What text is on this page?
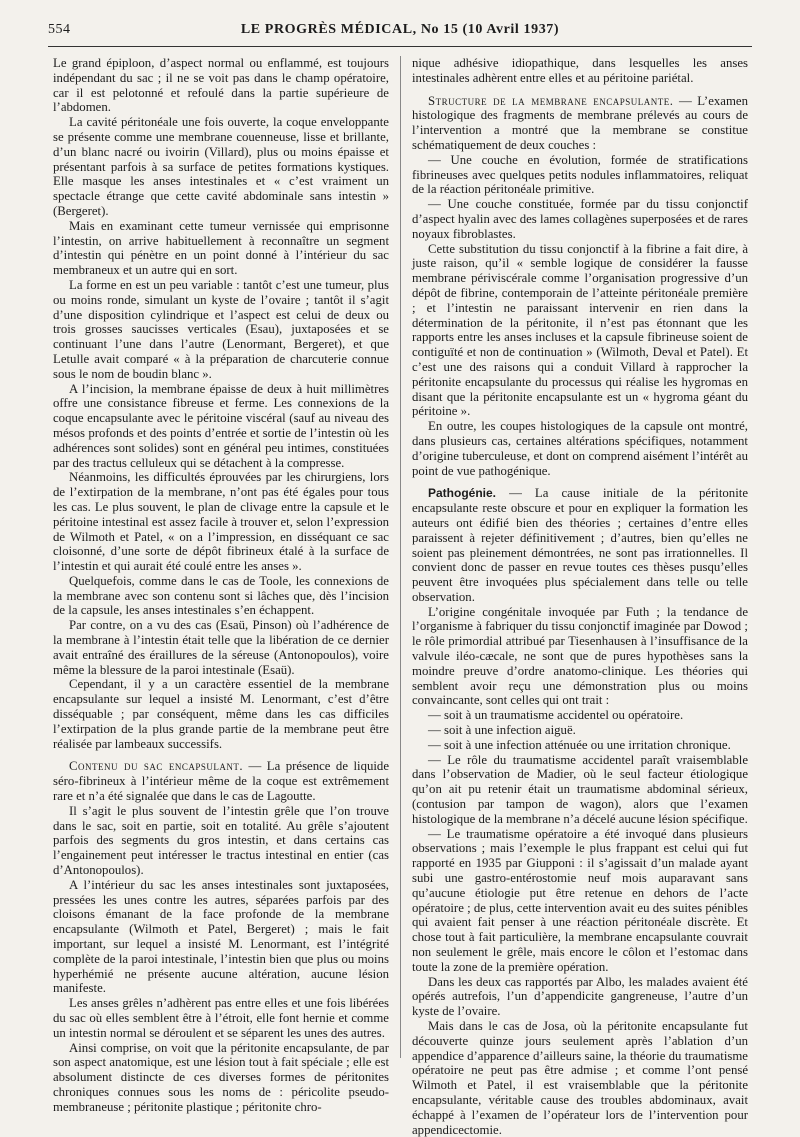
554	LE PROGRÈS MÉDICAL, No 15 (10 Avril 1937)

Le grand épiploon, d’aspect normal ou enflammé, est toujours indépendant du sac ; il ne se voit pas dans le champ opératoire, car il est pelotonné et refoulé dans la partie supérieure de l’abdomen.

La cavité péritonéale une fois ouverte, la coque enveloppante se présente comme une membrane couenneuse, lisse et brillante, d’un blanc nacré ou ivoirin (Villard), plus ou moins épaisse et présentant parfois à sa surface de petites formations kystiques. Elle masque les anses intestinales et « c’est vraiment un spectacle étrange que cette cavité abdominale sans intestin » (Bergeret).

Mais en examinant cette tumeur vernissée qui emprisonne l’intestin, on arrive habituellement à reconnaître un segment d’intestin qui pénètre en un point donné à l’intérieur du sac membraneux et un autre qui en sort.

La forme en est un peu variable : tantôt c’est une tumeur, plus ou moins ronde, simulant un kyste de l’ovaire ; tantôt il s’agit d’une disposition cylindrique et l’aspect est celui de deux ou trois grosses saucisses verticales (Esau), juxtaposées et se continuant l’une dans l’autre (Lenormant, Bergeret), et que Letulle avait comparé « à la préparation de charcuterie connue sous le nom de boudin blanc ».

A l’incision, la membrane épaisse de deux à huit millimètres offre une consistance fibreuse et ferme. Les connexions de la coque encapsulante avec le péritoine viscéral (sauf au niveau des mésos profonds et des points d’entrée et sortie de l’intestin où les adhérences sont solides) sont en général peu intimes, constituées par des tractus celluleux qui se détachent à la compresse.

Néanmoins, les difficultés éprouvées par les chirurgiens, lors de l’extirpation de la membrane, n’ont pas été égales pour tous les cas. Le plus souvent, le plan de clivage entre la capsule et le péritoine intestinal est assez facile à trouver et, selon l’expression de Wilmoth et Patel, « on a l’impression, en disséquant ce sac cloisonné, d’une sorte de dépôt fibrineux étalé à la surface de l’intestin et qui aurait été coulé entre les anses ».

Quelquefois, comme dans le cas de Toole, les connexions de la membrane avec son contenu sont si lâches que, dès l’incision de la capsule, les anses intestinales s’en échappent.

Par contre, on a vu des cas (Esaü, Pinson) où l’adhérence de la membrane à l’intestin était telle que la libération de ce dernier avait entraîné des éraillures de la séreuse (Antonopoulos), voire même la blessure de la paroi intestinale (Esaü).

Cependant, il y a un caractère essentiel de la membrane encapsulante sur lequel a insisté M. Lenormant, c’est d’être disséquable ; par conséquent, même dans les cas difficiles l’extirpation de la plus grande partie de la membrane peut être réalisée par lambeaux successifs.

Contenu du sac encapsulant. — La présence de liquide séro-fibrineux à l’intérieur même de la coque est extrêmement rare et n’a été signalée que dans le cas de Lagoutte.

Il s’agit le plus souvent de l’intestin grêle que l’on trouve dans le sac, soit en partie, soit en totalité. Au grêle s’ajoutent parfois des segments du gros intestin, et dans certains cas l’engainement peut intéresser le tractus intestinal en entier (cas d’Antonopoulos).

A l’intérieur du sac les anses intestinales sont juxtaposées, pressées les unes contre les autres, séparées parfois par des cloisons émanant de la face profonde de la membrane encapsulante (Wilmoth et Patel, Bergeret) ; mais le fait important, sur lequel a insisté M. Lenormant, est l’intégrité complète de la paroi intestinale, l’intestin bien que plus ou moins hyperhémié ne présente aucune altération, aucune lésion manifeste.

Les anses grêles n’adhèrent pas entre elles et une fois libérées du sac où elles semblent être à l’étroit, elle font hernie et comme un intestin normal se déroulent et se séparent les unes des autres.

Ainsi comprise, on voit que la péritonite encapsulante, de par son aspect anatomique, est une lésion tout à fait spéciale ; elle est absolument distincte de ces diverses formes de péritonites chroniques connues sous les noms de : péricolite pseudo-membraneuse ; péritonite plastique ; péritonite chro-

nique adhésive idiopathique, dans lesquelles les anses intestinales adhèrent entre elles et au péritoine pariétal.

Structure de la membrane encapsulante. — L’examen histologique des fragments de membrane prélevés au cours de l’intervention a montré que la membrane se constitue schématiquement de deux couches :

— Une couche en évolution, formée de stratifications fibrineuses avec quelques petits nodules inflammatoires, reliquat de la réaction péritonéale primitive.

— Une couche constituée, formée par du tissu conjonctif d’aspect hyalin avec des lames collagènes superposées et de rares noyaux fibroblastes.

Cette substitution du tissu conjonctif à la fibrine a fait dire, à juste raison, qu’il « semble logique de considérer la fausse membrane périviscérale comme l’organisation progressive d’un dépôt de fibrine, contemporain de l’atteinte péritonéale première ; et l’intestin ne paraissant intervenir en rien dans la détermination de la péritonite, il n’est pas étonnant que les rapports entre les anses incluses et la capsule fibrineuse soient de contiguïté et non de continuation » (Wilmoth, Deval et Patel). Et c’est une des raisons qui a conduit Villard à rapprocher la péritonite encapsulante du processus qui réalise les hygromas en disant que la péritonite encapsulante est un « hygroma géant du péritoine ».

En outre, les coupes histologiques de la capsule ont montré, dans plusieurs cas, certaines altérations spécifiques, notamment d’origine tuberculeuse, et dont on comprend aisément l’intérêt au point de vue pathogénique.

Pathogénie. — La cause initiale de la péritonite encapsulante reste obscure et pour en expliquer la formation les auteurs ont édifié bien des théories ; certaines d’entre elles paraissent à rejeter définitivement ; d’autres, bien qu’elles ne soient pas pleinement démontrées, ne sont pas irrationnelles. Il convient donc de passer en revue toutes ces thèses pusqu’elles peuvent être invoquées plus spécialement dans telle ou telle observation.

L’origine congénitale invoquée par Futh ; la tendance de l’organisme à fabriquer du tissu conjonctif imaginée par Dowod ; le rôle primordial attribué par Tiesenhausen à l’insuffisance de la valvule iléo-cæcale, ne sont que de pures hypothèses sans la moindre preuve d’ordre anatomo-clinique. Les théories qui semblent avoir reçu une démonstration plus ou moins convaincante, sont celles qui ont trait :

— soit à un traumatisme accidentel ou opératoire.

— soit à une infection aiguë.

— soit à une infection atténuée ou une irritation chronique.

— Le rôle du traumatisme accidentel paraît vraisemblable dans l’observation de Madier, où le seul facteur étiologique qu’on ait pu retenir était un traumatisme abdominal sérieux, (contusion par tampon de wagon), alors que l’examen histologique de la membrane n’a décelé aucune lésion spécifique.

— Le traumatisme opératoire a été invoqué dans plusieurs observations ; mais l’exemple le plus frappant est celui qui fut rapporté en 1935 par Giupponi : il s’agissait d’un malade ayant subi une gastro-entérostomie neuf mois auparavant sans qu’aucune étiologie put être retenue en dehors de l’acte opératoire ; de plus, cette intervention avait eu des suites pénibles qui avaient fait penser à une réaction péritonéale discrète. Et chose tout à fait particulière, la membrane encapsulante couvrait non seulement le grêle, mais encore le côlon et l’estomac dans toute la zone de la première opération.

Dans les deux cas rapportés par Albo, les malades avaient été opérés autrefois, l’un d’appendicite gangreneuse, l’autre d’un kyste de l’ovaire.

Mais dans le cas de Josa, où la péritonite encapsulante fut découverte quinze jours seulement après l’ablation d’un appendice d’apparence d’ailleurs saine, la théorie du traumatisme opératoire ne peut pas être admise ; et comme l’ont pensé Wilmoth et Patel, il est vraisemblable que la péritonite encapsulante, véritable cause des troubles abdominaux, avait échappé à l’examen de l’opérateur lors de l’intervention pour appendicectomie.
